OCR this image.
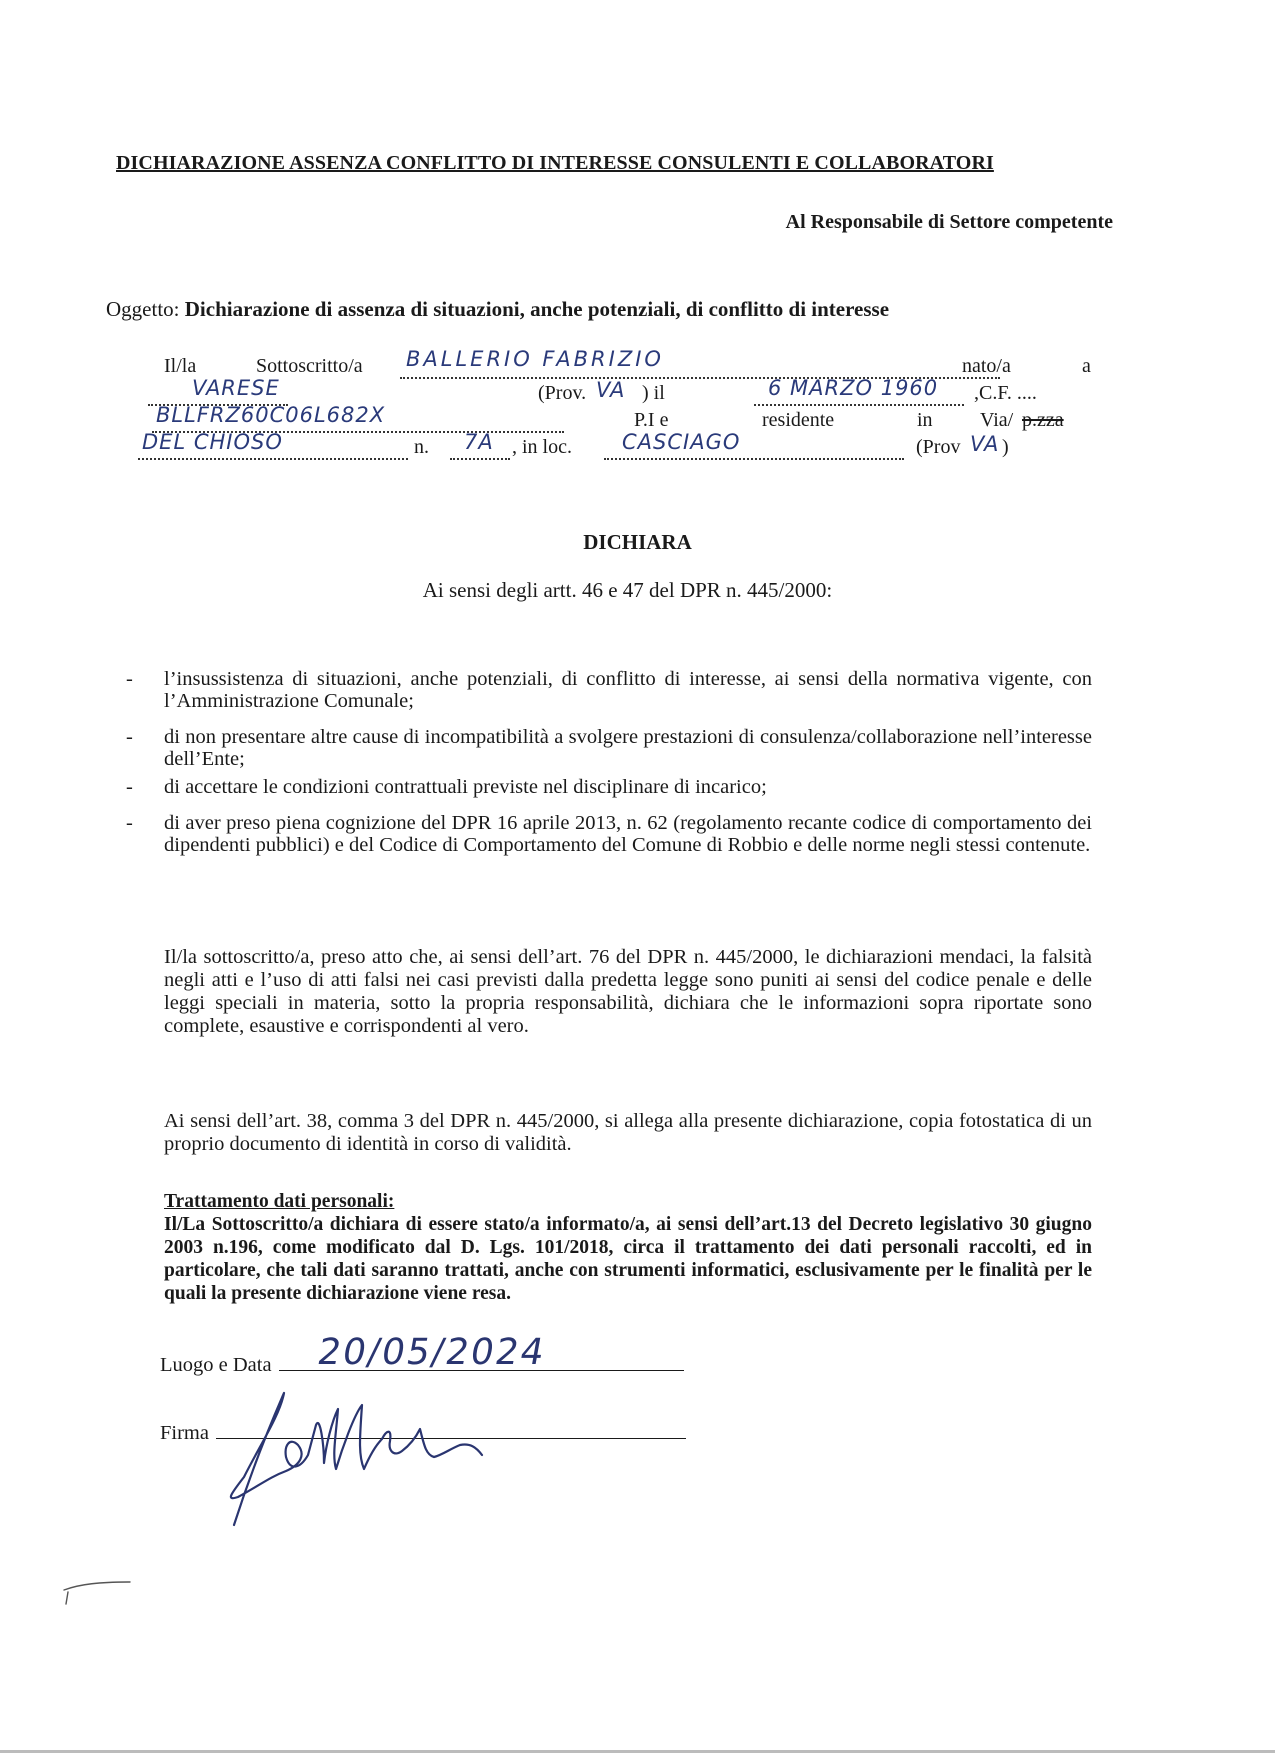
DICHIARAZIONE ASSENZA CONFLITTO DI INTERESSE CONSULENTI E COLLABORATORI
Al Responsabile di Settore competente
Oggetto: Dichiarazione di assenza di situazioni, anche potenziali, di conflitto di interesse
Il/la	Sottoscritto/a BALLERIO FABRIZIO	nato/a	a
VARESE	(Prov. VA ) il	6 MARZO 1960 ,C.F. ....
BLLFRZ60C06L682X	P.I e	residente	in Via/ p.zza
DEL CHIOSO	n. 7A , in loc. CASCIAGO	(Prov VA )
DICHIARA
Ai sensi degli artt. 46 e 47 del DPR n. 445/2000:
- l’insussistenza di situazioni, anche potenziali, di conflitto di interesse, ai sensi della normativa vigente, con l’Amministrazione Comunale;
- di non presentare altre cause di incompatibilità a svolgere prestazioni di consulenza/collaborazione nell’interesse dell’Ente;
- di accettare le condizioni contrattuali previste nel disciplinare di incarico;
- di aver preso piena cognizione del DPR 16 aprile 2013, n. 62 (regolamento recante codice di comportamento dei dipendenti pubblici) e del Codice di Comportamento del Comune di Robbio e delle norme negli stessi contenute.
Il/la sottoscritto/a, preso atto che, ai sensi dell’art. 76 del DPR n. 445/2000, le dichiarazioni mendaci, la falsità negli atti e l’uso di atti falsi nei casi previsti dalla predetta legge sono puniti ai sensi del codice penale e delle leggi speciali in materia, sotto la propria responsabilità, dichiara che le informazioni sopra riportate sono complete, esaustive e corrispondenti al vero.
Ai sensi dell’art. 38, comma 3 del DPR n. 445/2000, si allega alla presente dichiarazione, copia fotostatica di un proprio documento di identità in corso di validità.
Trattamento dati personali:
Il/La Sottoscritto/a dichiara di essere stato/a informato/a, ai sensi dell’art.13 del Decreto legislativo 30 giugno 2003 n.196, come modificato dal D. Lgs. 101/2018, circa il trattamento dei dati personali raccolti, ed in particolare, che tali dati saranno trattati, anche con strumenti informatici, esclusivamente per le finalità per le quali la presente dichiarazione viene resa.
Luogo e Data	20/05/2024
Firma
